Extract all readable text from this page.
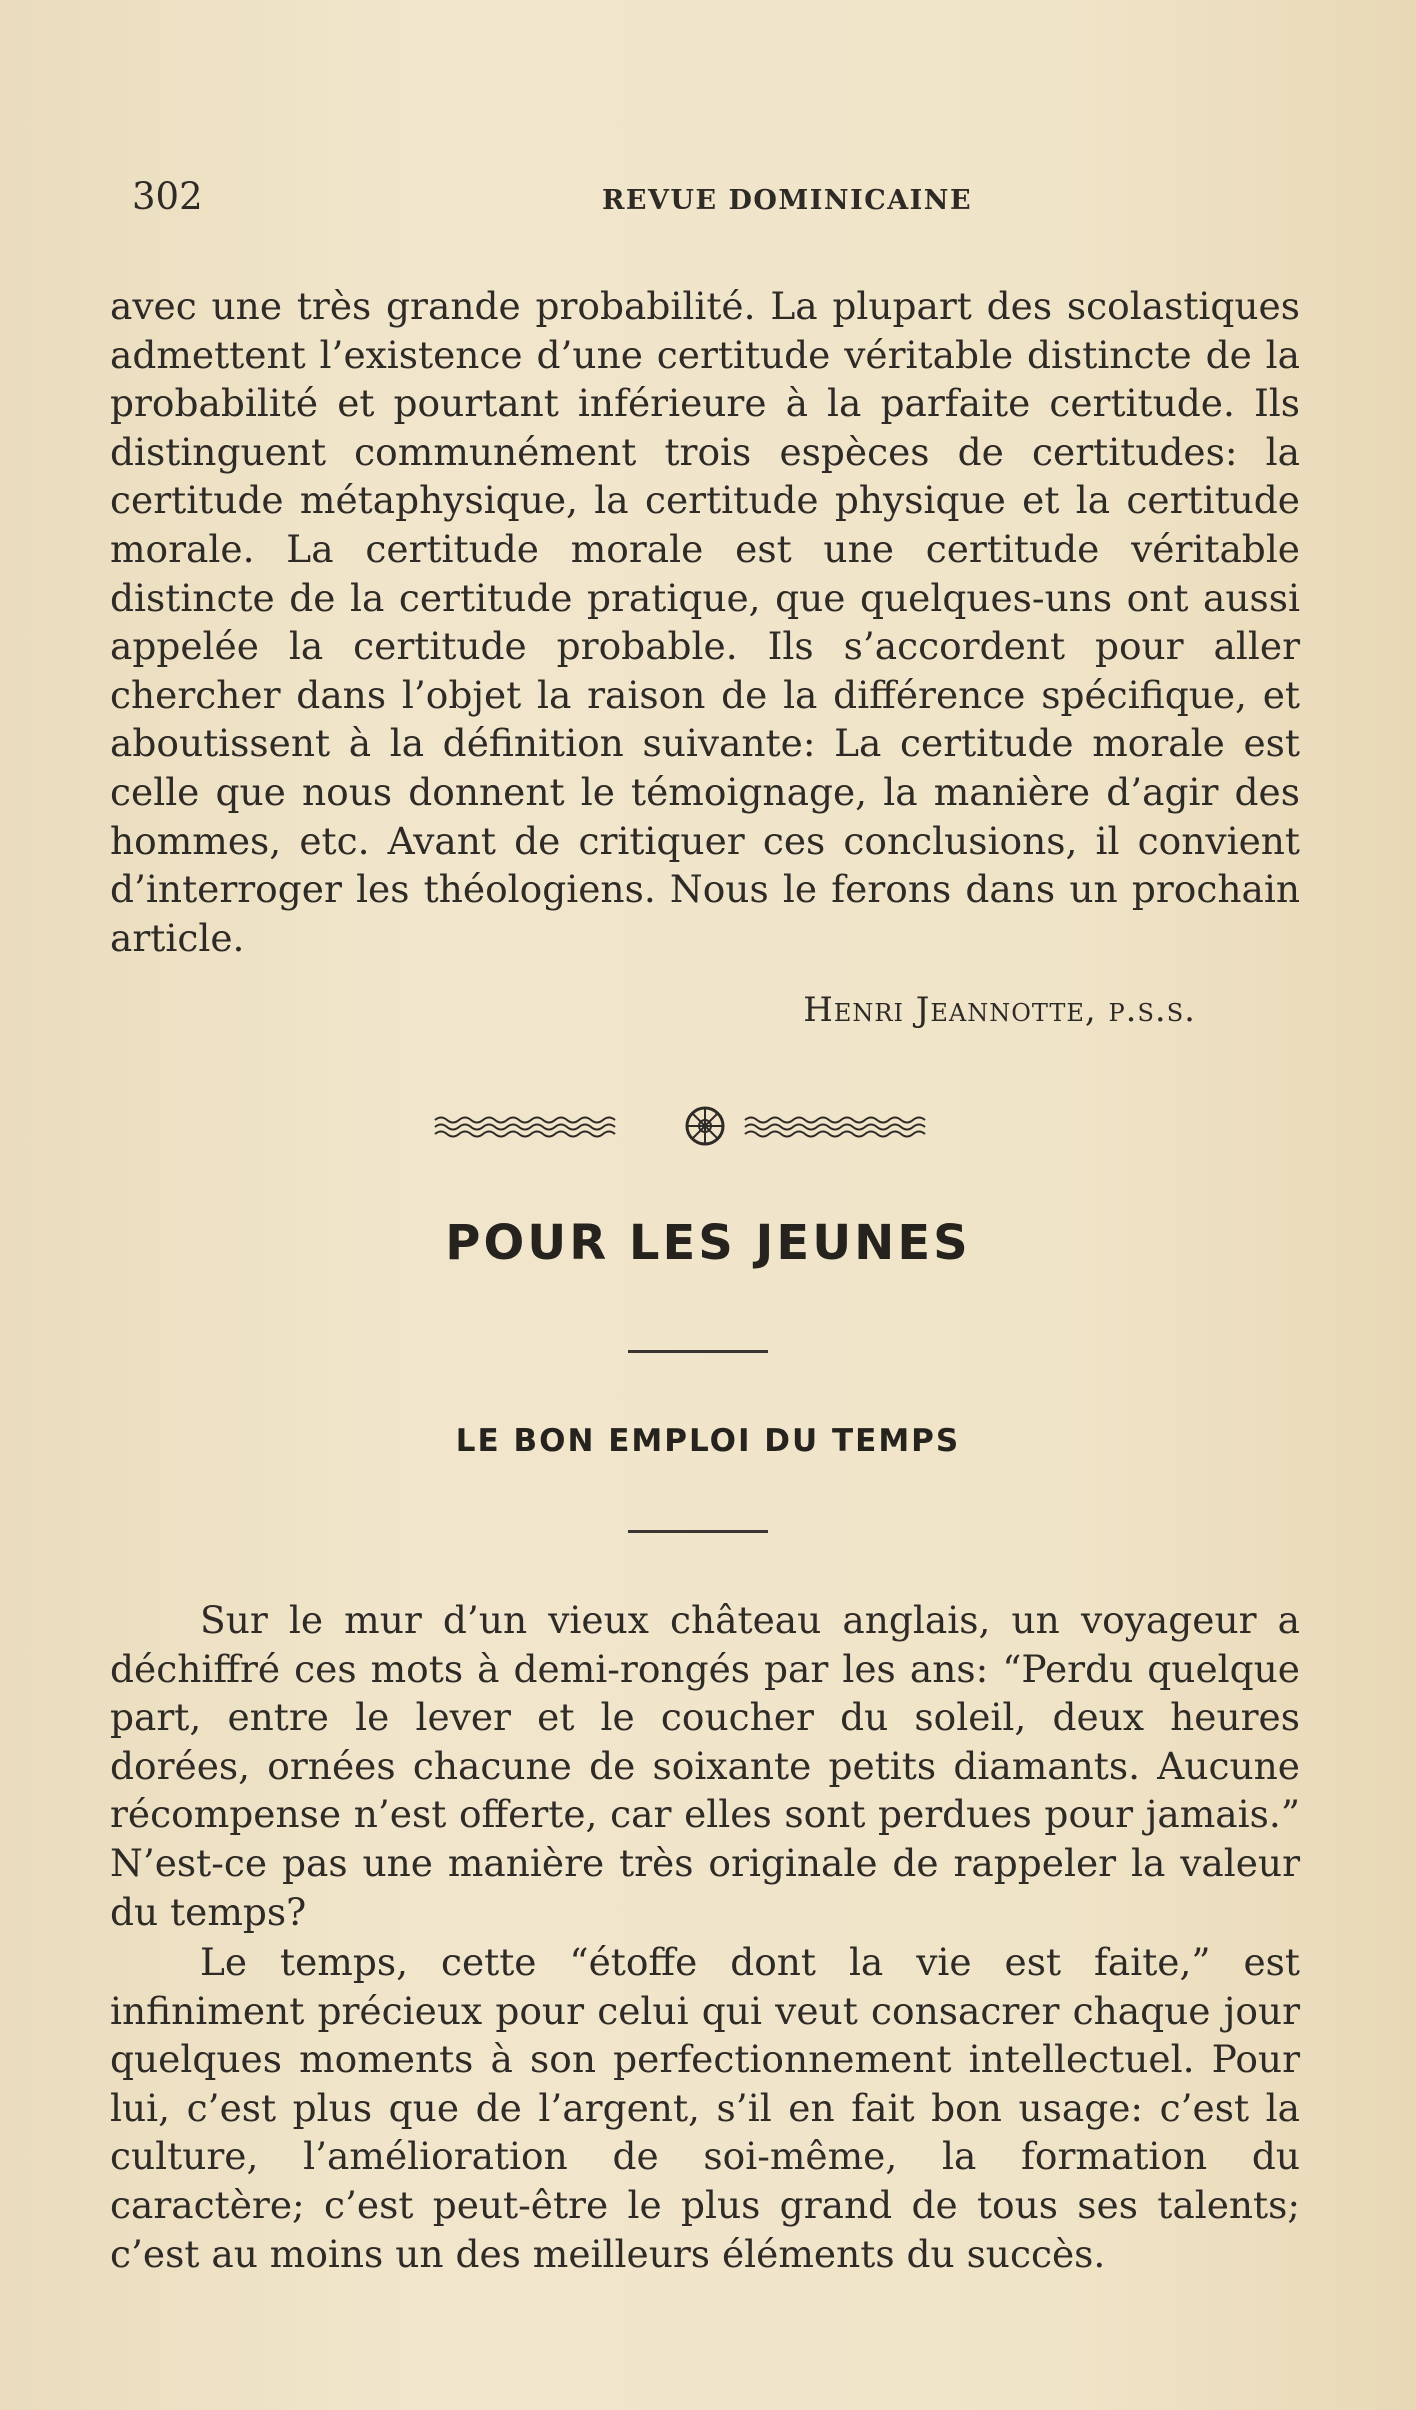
302	REVUE DOMINICAINE

avec une très grande probabilité. La plupart des scolastiques admettent l’existence d’une certitude véritable distincte de la probabilité et pourtant inférieure à la parfaite certitude. Ils distinguent communément trois espèces de certitudes: la certitude métaphysique, la certitude physique et la certitude morale. La certitude morale est une certitude véritable distincte de la certitude pratique, que quelques-uns ont aussi appelée la certitude probable. Ils s’accordent pour aller chercher dans l’objet la raison de la différence spécifique, et aboutissent à la définition suivante: La certitude morale est celle que nous donnent le témoignage, la manière d’agir des hommes, etc. Avant de critiquer ces conclusions, il convient d’interroger les théologiens. Nous le ferons dans un prochain article.

Henri Jeannotte, p.s.s.
POUR LES JEUNES
LE BON EMPLOI DU TEMPS

Sur le mur d’un vieux château anglais, un voyageur a déchiffré ces mots à demi-rongés par les ans: “Perdu quelque part, entre le lever et le coucher du soleil, deux heures dorées, ornées chacune de soixante petits diamants. Aucune récompense n’est offerte, car elles sont perdues pour jamais.” N’est-ce pas une manière très originale de rappeler la valeur du temps?

Le temps, cette “étoffe dont la vie est faite,” est infiniment précieux pour celui qui veut consacrer chaque jour quelques moments à son perfectionnement intellectuel. Pour lui, c’est plus que de l’argent, s’il en fait bon usage: c’est la culture, l’amélioration de soi-même, la formation du caractère; c’est peut-être le plus grand de tous ses talents; c’est au moins un des meilleurs éléments du succès.
